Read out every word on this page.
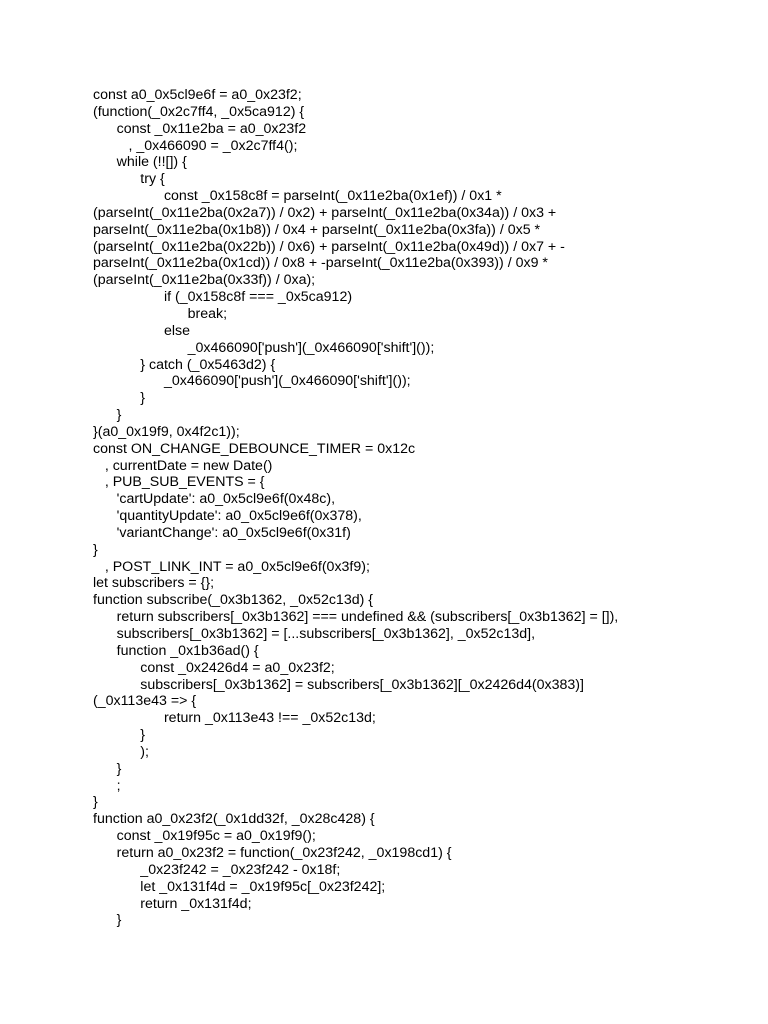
const a0_0x5cl9e6f = a0_0x23f2;
(function(_0x2c7ff4, _0x5ca912) {
const _0x11e2ba = a0_0x23f2
, _0x466090 = _0x2c7ff4();
while (!![]) {
try {
const _0x158c8f = parseInt(_0x11e2ba(0x1ef)) / 0x1 *
(parseInt(_0x11e2ba(0x2a7)) / 0x2) + parseInt(_0x11e2ba(0x34a)) / 0x3 +
parseInt(_0x11e2ba(0x1b8)) / 0x4 + parseInt(_0x11e2ba(0x3fa)) / 0x5 *
(parseInt(_0x11e2ba(0x22b)) / 0x6) + parseInt(_0x11e2ba(0x49d)) / 0x7 + -
parseInt(_0x11e2ba(0x1cd)) / 0x8 + -parseInt(_0x11e2ba(0x393)) / 0x9 *
(parseInt(_0x11e2ba(0x33f)) / 0xa);
if (_0x158c8f === _0x5ca912)
break;
else
_0x466090['push'](_0x466090['shift']());
} catch (_0x5463d2) {
_0x466090['push'](_0x466090['shift']());
}
}
}(a0_0x19f9, 0x4f2c1));
const ON_CHANGE_DEBOUNCE_TIMER = 0x12c
, currentDate = new Date()
, PUB_SUB_EVENTS = {
'cartUpdate': a0_0x5cl9e6f(0x48c),
'quantityUpdate': a0_0x5cl9e6f(0x378),
'variantChange': a0_0x5cl9e6f(0x31f)
}
, POST_LINK_INT = a0_0x5cl9e6f(0x3f9);
let subscribers = {};
function subscribe(_0x3b1362, _0x52c13d) {
return subscribers[_0x3b1362] === undefined && (subscribers[_0x3b1362] = []),
subscribers[_0x3b1362] = [...subscribers[_0x3b1362], _0x52c13d],
function _0x1b36ad() {
const _0x2426d4 = a0_0x23f2;
subscribers[_0x3b1362] = subscribers[_0x3b1362][_0x2426d4(0x383)]
(_0x113e43 => {
return _0x113e43 !== _0x52c13d;
}
);
}
;
}
function a0_0x23f2(_0x1dd32f, _0x28c428) {
const _0x19f95c = a0_0x19f9();
return a0_0x23f2 = function(_0x23f242, _0x198cd1) {
_0x23f242 = _0x23f242 - 0x18f;
let _0x131f4d = _0x19f95c[_0x23f242];
return _0x131f4d;
}
